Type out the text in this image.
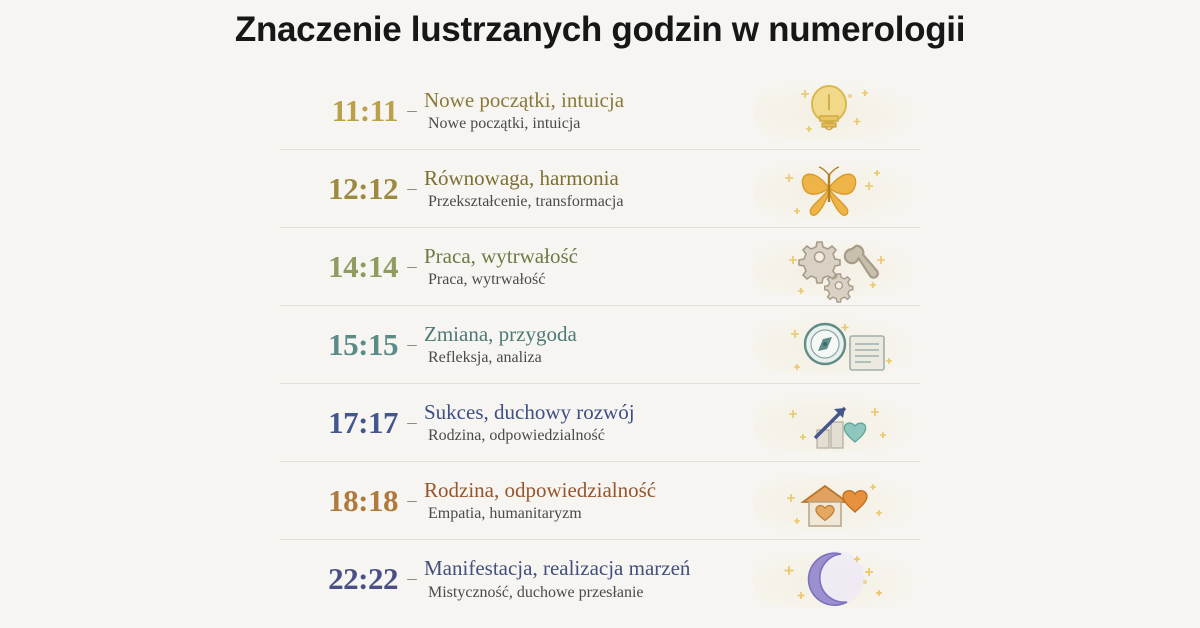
Znaczenie lustrzanych godzin w numerologii
11:11 – Nowe początki, intuicja
Nowe początki, intuicja
12:12 – Równowaga, harmonia
Przekształcenie, transformacja
14:14 – Praca, wytrwałość
Praca, wytrwałość
15:15 – Zmiana, przygoda
Refleksja, analiza
17:17 – Sukces, duchowy rozwój
Rodzina, odpowiedzialność
18:18 – Rodzina, odpowiedzialność
Empatia, humanitaryzm
22:22 – Manifestacja, realizacja marzeń
Mistyczność, duchowe przesłanie
